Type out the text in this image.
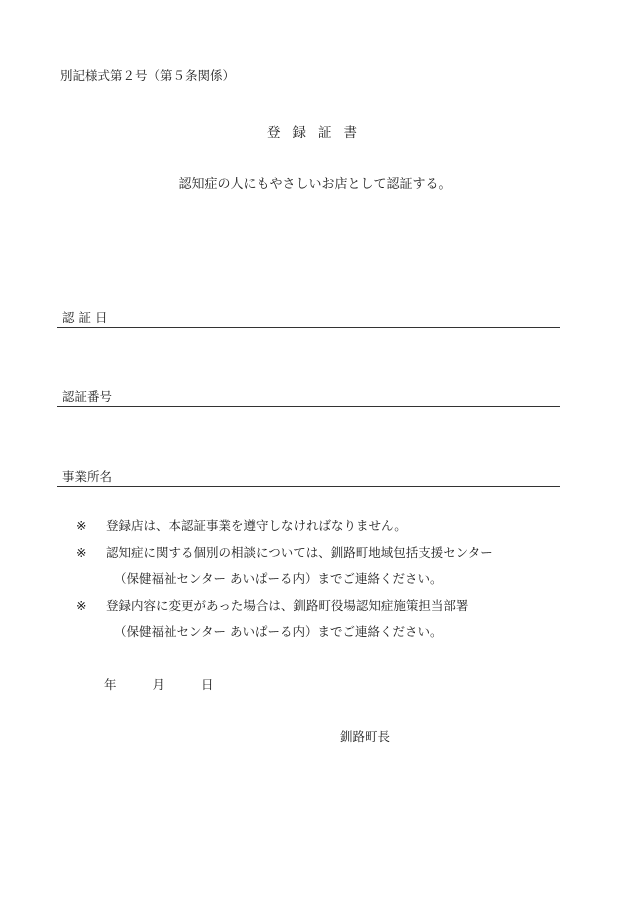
別記様式第２号（第５条関係）
登録証書
認知症の人にもやさしいお店として認証する。
認 証 日
認証番号
事業所名
※	登録店は、本認証事業を遵守しなければなりません。
※	認知症に関する個別の相談については、釧路町地域包括支援センター
（保健福祉センター あいぱーる内）までご連絡ください。
※	登録内容に変更があった場合は、釧路町役場認知症施策担当部署
（保健福祉センター あいぱーる内）までご連絡ください。
年	月	日
釧路町長
